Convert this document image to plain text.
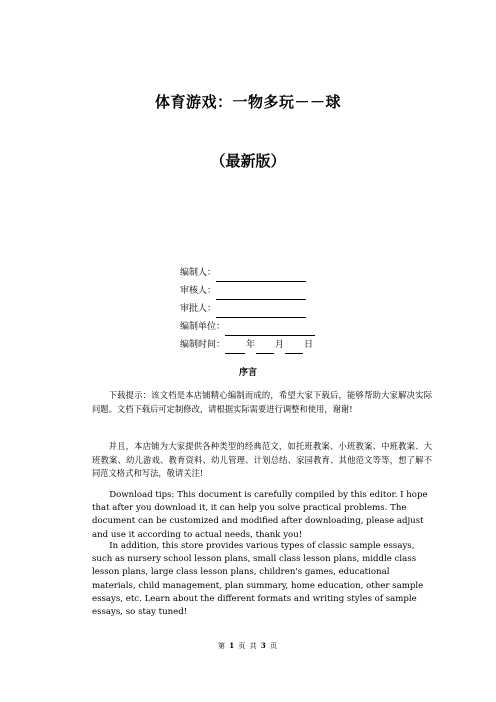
体育游戏：一物多玩－－球
（最新版）
编制人：
审核人：
审批人：
编制单位：
编制时间： 年 月 日
序言

下载提示：该文档是本店铺精心编制而成的，希望大家下载后，能够帮助大家解决实际问题。文档下载后可定制修改，请根据实际需要进行调整和使用，谢谢!

并且，本店铺为大家提供各种类型的经典范文，如托班教案、小班教案、中班教案、大班教案、幼儿游戏、教育资料、幼儿管理、计划总结、家园教育、其他范文等等，想了解不同范文格式和写法，敬请关注!

Download tips: This document is carefully compiled by this editor. I hope that after you download it, it can help you solve practical problems. The document can be customized and modified after downloading, please adjust and use it according to actual needs, thank you!

In addition, this store provides various types of classic sample essays, such as nursery school lesson plans, small class lesson plans, middle class lesson plans, large class lesson plans, children's games, educational materials, child management, plan summary, home education, other sample essays, etc. Learn about the different formats and writing styles of sample essays, so stay tuned!

第 1 页 共 3 页
